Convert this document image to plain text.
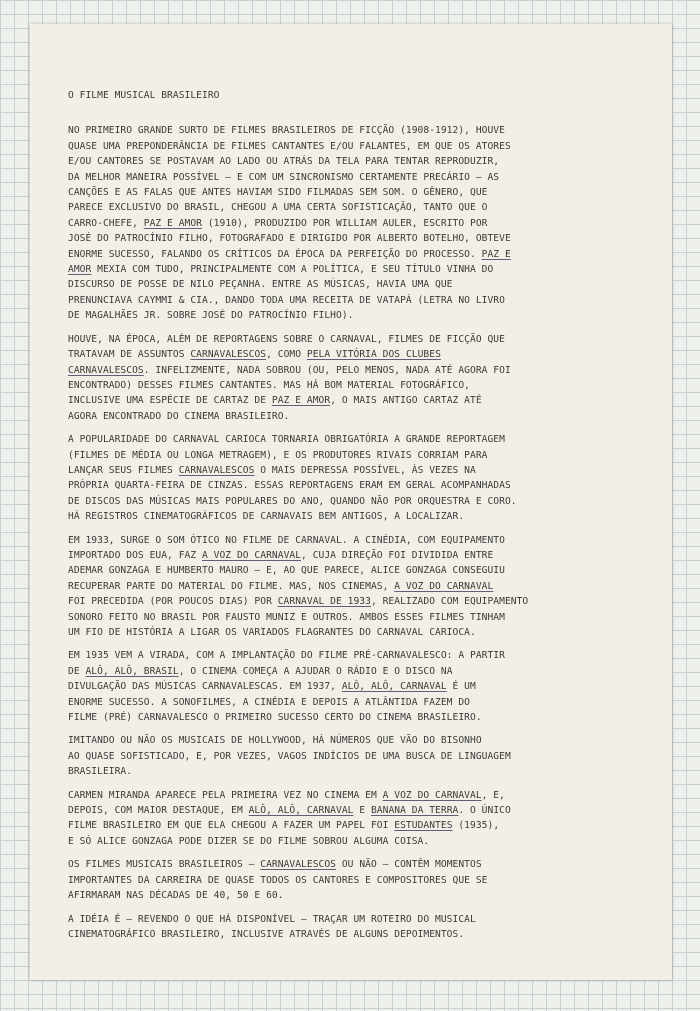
O FILME MUSICAL BRASILEIRO
NO PRIMEIRO GRANDE SURTO DE FILMES BRASILEIROS DE FICÇÃO (1908-1912), HOUVE
QUASE UMA PREPONDERÂNCIA DE FILMES CANTANTES E/OU FALANTES, EM QUE OS ATORES
E/OU CANTORES SE POSTAVAM AO LADO OU ATRÁS DA TELA PARA TENTAR REPRODUZIR,
DA MELHOR MANEIRA POSSÍVEL — E COM UM SINCRONISMO CERTAMENTE PRECÁRIO — AS
CANÇÕES E AS FALAS QUE ANTES HAVIAM SIDO FILMADAS SEM SOM. O GÊNERO, QUE
PARECE EXCLUSIVO DO BRASIL, CHEGOU A UMA CERTA SOFISTICAÇÃO, TANTO QUE O
CARRO-CHEFE, PAZ E AMOR (1910), PRODUZIDO POR WILLIAM AULER, ESCRITO POR
JOSÉ DO PATROCÍNIO FILHO, FOTOGRAFADO E DIRIGIDO POR ALBERTO BOTELHO, OBTEVE
ENORME SUCESSO, FALANDO OS CRÍTICOS DA ÉPOCA DA PERFEIÇÃO DO PROCESSO. PAZ E
AMOR MEXIA COM TUDO, PRINCIPALMENTE COM A POLÍTICA, E SEU TÍTULO VINHA DO
DISCURSO DE POSSE DE NILO PEÇANHA. ENTRE AS MÚSICAS, HAVIA UMA QUE
PRENUNCIAVA CAYMMI & CIA., DANDO TODA UMA RECEITA DE VATAPÁ (LETRA NO LIVRO
DE MAGALHÃES JR. SOBRE JOSÉ DO PATROCÍNIO FILHO).
HOUVE, NA ÉPOCA, ALÉM DE REPORTAGENS SOBRE O CARNAVAL, FILMES DE FICÇÃO QUE
TRATAVAM DE ASSUNTOS CARNAVALESCOS, COMO PELA VITÓRIA DOS CLUBES
CARNAVALESCOS. INFELIZMENTE, NADA SOBROU (OU, PELO MENOS, NADA ATÉ AGORA FOI
ENCONTRADO) DESSES FILMES CANTANTES. MAS HÁ BOM MATERIAL FOTOGRÁFICO,
INCLUSIVE UMA ESPÉCIE DE CARTAZ DE PAZ E AMOR, O MAIS ANTIGO CARTAZ ATÉ
AGORA ENCONTRADO DO CINEMA BRASILEIRO.
A POPULARIDADE DO CARNAVAL CARIOCA TORNARIA OBRIGATÓRIA A GRANDE REPORTAGEM
(FILMES DE MÉDIA OU LONGA METRAGEM), E OS PRODUTORES RIVAIS CORRIAM PARA
LANÇAR SEUS FILMES CARNAVALESCOS O MAIS DEPRESSA POSSÍVEL, ÀS VEZES NA
PRÓPRIA QUARTA-FEIRA DE CINZAS. ESSAS REPORTAGENS ERAM EM GERAL ACOMPANHADAS
DE DISCOS DAS MÚSICAS MAIS POPULARES DO ANO, QUANDO NÃO POR ORQUESTRA E CORO.
HÁ REGISTROS CINEMATOGRÁFICOS DE CARNAVAIS BEM ANTIGOS, A LOCALIZAR.
EM 1933, SURGE O SOM ÓTICO NO FILME DE CARNAVAL. A CINÉDIA, COM EQUIPAMENTO
IMPORTADO DOS EUA, FAZ A VOZ DO CARNAVAL, CUJA DIREÇÃO FOI DIVIDIDA ENTRE
ADEMAR GONZAGA E HUMBERTO MAURO — E, AO QUE PARECE, ALICE GONZAGA CONSEGUIU
RECUPERAR PARTE DO MATERIAL DO FILME. MAS, NOS CINEMAS, A VOZ DO CARNAVAL
FOI PRECEDIDA (POR POUCOS DIAS) POR CARNAVAL DE 1933, REALIZADO COM EQUIPAMENTO
SONORO FEITO NO BRASIL POR FAUSTO MUNIZ E OUTROS. AMBOS ESSES FILMES TINHAM
UM FIO DE HISTÓRIA A LIGAR OS VARIADOS FLAGRANTES DO CARNAVAL CARIOCA.
EM 1935 VEM A VIRADA, COM A IMPLANTAÇÃO DO FILME PRÉ-CARNAVALESCO: A PARTIR
DE ALÔ, ALÔ, BRASIL, O CINEMA COMEÇA A AJUDAR O RÁDIO E O DISCO NA
DIVULGAÇÃO DAS MÚSICAS CARNAVALESCAS. EM 1937, ALÔ, ALÔ, CARNAVAL É UM
ENORME SUCESSO. A SONOFILMES, A CINÉDIA E DEPOIS A ATLÂNTIDA FAZEM DO
FILME (PRÉ) CARNAVALESCO O PRIMEIRO SUCESSO CERTO DO CINEMA BRASILEIRO.
IMITANDO OU NÃO OS MUSICAIS DE HOLLYWOOD, HÁ NÚMEROS QUE VÃO DO BISONHO
AO QUASE SOFISTICADO, E, POR VEZES, VAGOS INDÍCIOS DE UMA BUSCA DE LINGUAGEM
BRASILEIRA.
CARMEN MIRANDA APARECE PELA PRIMEIRA VEZ NO CINEMA EM A VOZ DO CARNAVAL, E,
DEPOIS, COM MAIOR DESTAQUE, EM ALÔ, ALÔ, CARNAVAL E BANANA DA TERRA. O ÚNICO
FILME BRASILEIRO EM QUE ELA CHEGOU A FAZER UM PAPEL FOI ESTUDANTES (1935),
E SÓ ALICE GONZAGA PODE DIZER SE DO FILME SOBROU ALGUMA COISA.
OS FILMES MUSICAIS BRASILEIROS — CARNAVALESCOS OU NÃO — CONTÊM MOMENTOS
IMPORTANTES DA CARREIRA DE QUASE TODOS OS CANTORES E COMPOSITORES QUE SE
AFIRMARAM NAS DÉCADAS DE 40, 50 E 60.
A IDÉIA É — REVENDO O QUE HÁ DISPONÍVEL — TRAÇAR UM ROTEIRO DO MUSICAL
CINEMATOGRÁFICO BRASILEIRO, INCLUSIVE ATRAVÉS DE ALGUNS DEPOIMENTOS.
